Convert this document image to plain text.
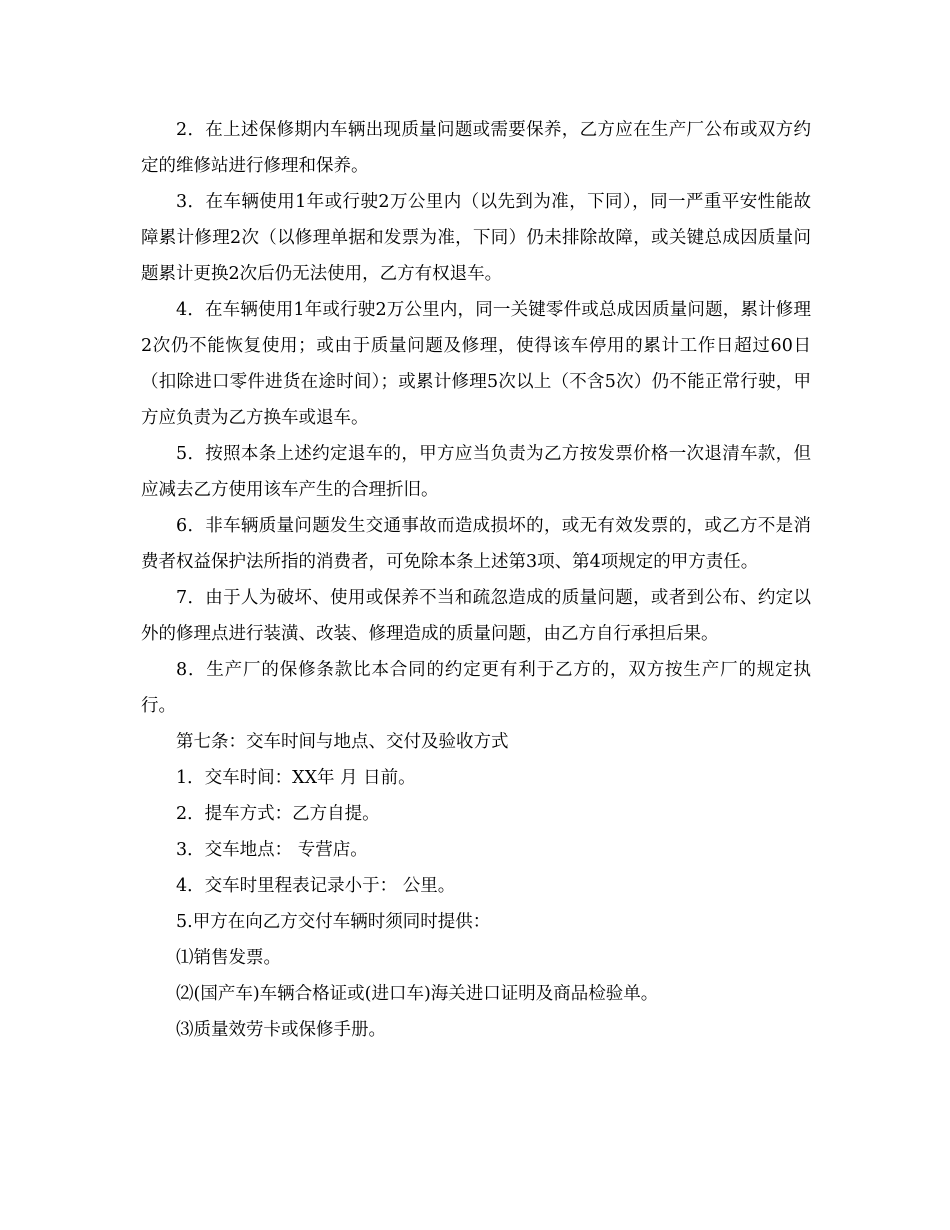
2．在上述保修期内车辆出现质量问题或需要保养，乙方应在生产厂公布或双方约定的维修站进行修理和保养。

3．在车辆使用1年或行驶2万公里内（以先到为准，下同），同一严重平安性能故障累计修理2次（以修理单据和发票为准，下同）仍未排除故障，或关键总成因质量问题累计更换2次后仍无法使用，乙方有权退车。

4．在车辆使用1年或行驶2万公里内，同一关键零件或总成因质量问题，累计修理2次仍不能恢复使用；或由于质量问题及修理，使得该车停用的累计工作日超过60日（扣除进口零件进货在途时间）；或累计修理5次以上（不含5次）仍不能正常行驶，甲方应负责为乙方换车或退车。

5．按照本条上述约定退车的，甲方应当负责为乙方按发票价格一次退清车款，但应减去乙方使用该车产生的合理折旧。

6．非车辆质量问题发生交通事故而造成损坏的，或无有效发票的，或乙方不是消费者权益保护法所指的消费者，可免除本条上述第3项、第4项规定的甲方责任。

7．由于人为破坏、使用或保养不当和疏忽造成的质量问题，或者到公布、约定以外的修理点进行装潢、改装、修理造成的质量问题，由乙方自行承担后果。

8．生产厂的保修条款比本合同的约定更有利于乙方的，双方按生产厂的规定执行。

第七条：交车时间与地点、交付及验收方式

1．交车时间：XX年 月 日前。

2．提车方式：乙方自提。

3．交车地点： 专营店。

4．交车时里程表记录小于： 公里。

5.甲方在向乙方交付车辆时须同时提供：

⑴销售发票。

⑵(国产车)车辆合格证或(进口车)海关进口证明及商品检验单。

⑶质量效劳卡或保修手册。
